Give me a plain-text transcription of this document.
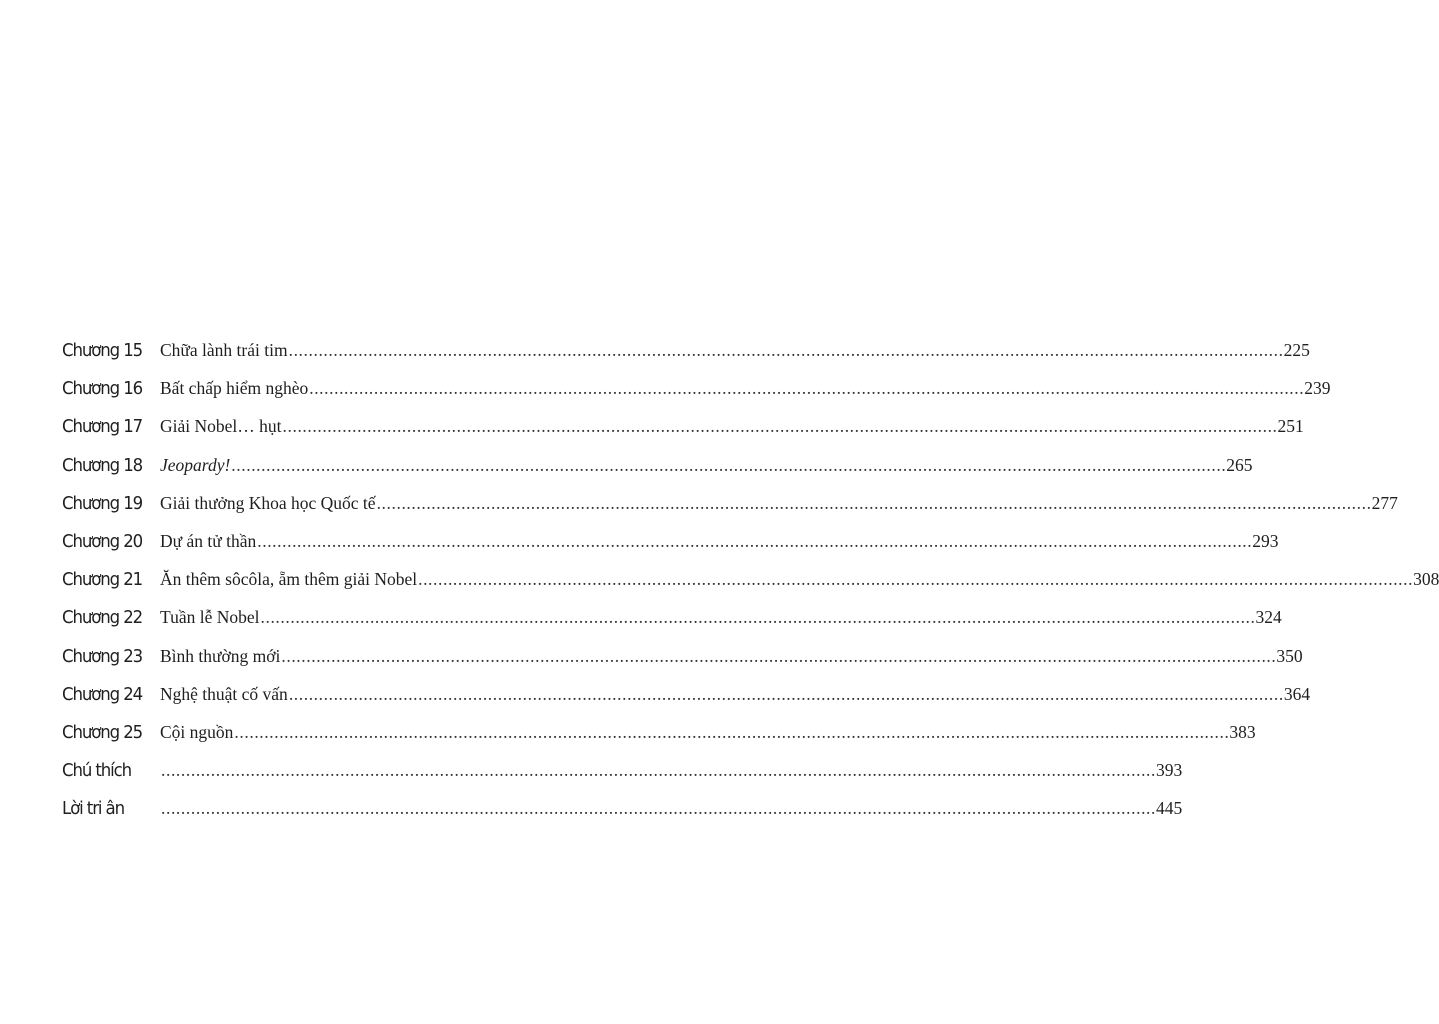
Chương 15	Chữa lành trái tim ........................................................................................................................................................................................................ 225
Chương 16	Bất chấp hiểm nghèo ........................................................................................................................................................................................................ 239
Chương 17	Giải Nobel… hụt ........................................................................................................................................................................................................ 251
Chương 18	Jeopardy! ........................................................................................................................................................................................................ 265
Chương 19	Giải thưởng Khoa học Quốc tế ........................................................................................................................................................................................................ 277
Chương 20	Dự án tử thần ........................................................................................................................................................................................................ 293
Chương 21	Ăn thêm sôcôla, ẵm thêm giải Nobel ........................................................................................................................................................................................................ 308
Chương 22	Tuần lễ Nobel ........................................................................................................................................................................................................ 324
Chương 23	Bình thường mới ........................................................................................................................................................................................................ 350
Chương 24	Nghệ thuật cố vấn ........................................................................................................................................................................................................ 364
Chương 25	Cội nguồn ........................................................................................................................................................................................................ 383
Chú thích	........................................................................................................................................................................................................ 393
Lời tri ân	........................................................................................................................................................................................................ 445
